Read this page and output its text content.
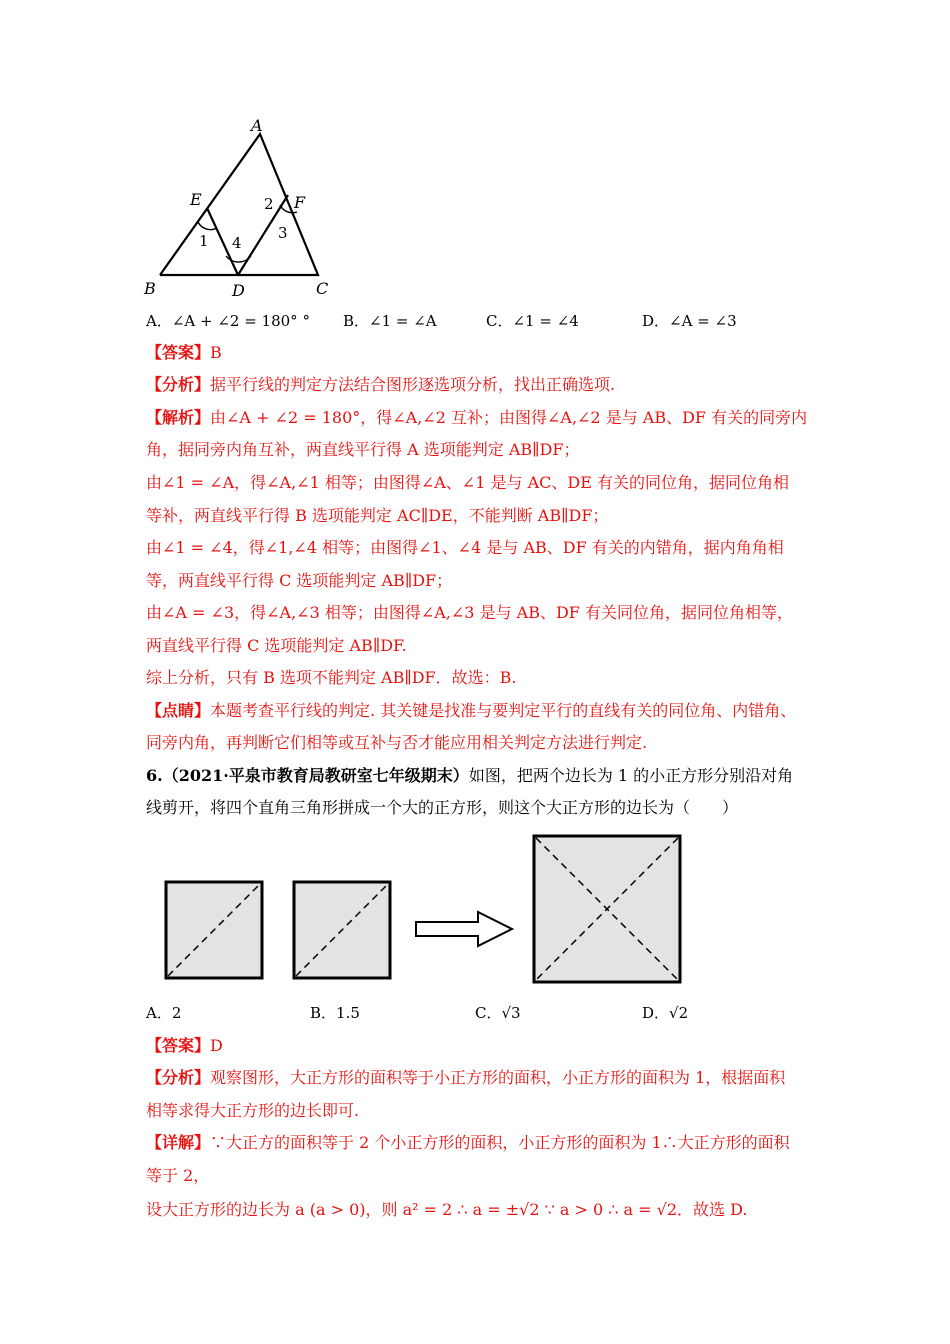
A
B	C
D
E	F
1
2
3
4
A．∠A + ∠2 = 180° ° B．∠1 = ∠A	C．∠1 = ∠4	D．∠A = ∠3
【答案】B
【分析】据平行线的判定方法结合图形逐选项分析，找出正确选项.
【解析】由∠A + ∠2 = 180°，得∠A,∠2 互补；由图得∠A,∠2 是与 AB、DF 有关的同旁内
角，据同旁内角互补，两直线平行得 A 选项能判定 AB∥DF；
由∠1 = ∠A，得∠A,∠1 相等；由图得∠A、∠1 是与 AC、DE 有关的同位角，据同位角相
等补，两直线平行得 B 选项能判定 AC∥DE，不能判断 AB∥DF；
由∠1 = ∠4，得∠1,∠4 相等；由图得∠1、∠4 是与 AB、DF 有关的内错角，据内角角相
等，两直线平行得 C 选项能判定 AB∥DF；
由∠A = ∠3，得∠A,∠3 相等；由图得∠A,∠3 是与 AB、DF 有关同位角，据同位角相等，
两直线平行得 C 选项能判定 AB∥DF.
综上分析，只有 B 选项不能判定 AB∥DF．故选：B.
【点睛】本题考查平行线的判定. 其关键是找准与要判定平行的直线有关的同位角、内错角、
同旁内角，再判断它们相等或互补与否才能应用相关判定方法进行判定.
6.（2021·平泉市教育局教研室七年级期末）如图，把两个边长为 1 的小正方形分别沿对角
线剪开，将四个直角三角形拼成一个大的正方形，则这个大正方形的边长为（　　）
A．2	B．1.5	C．√3	D．√2
【答案】D
【分析】观察图形，大正方形的面积等于小正方形的面积，小正方形的面积为 1，根据面积
相等求得大正方形的边长即可.
【详解】∵大正方的面积等于 2 个小正方形的面积，小正方形的面积为 1∴大正方形的面积
等于 2，
设大正方形的边长为 a (a > 0)，则 a² = 2 ∴ a = ±√2 ∵ a > 0 ∴ a = √2．故选 D.
